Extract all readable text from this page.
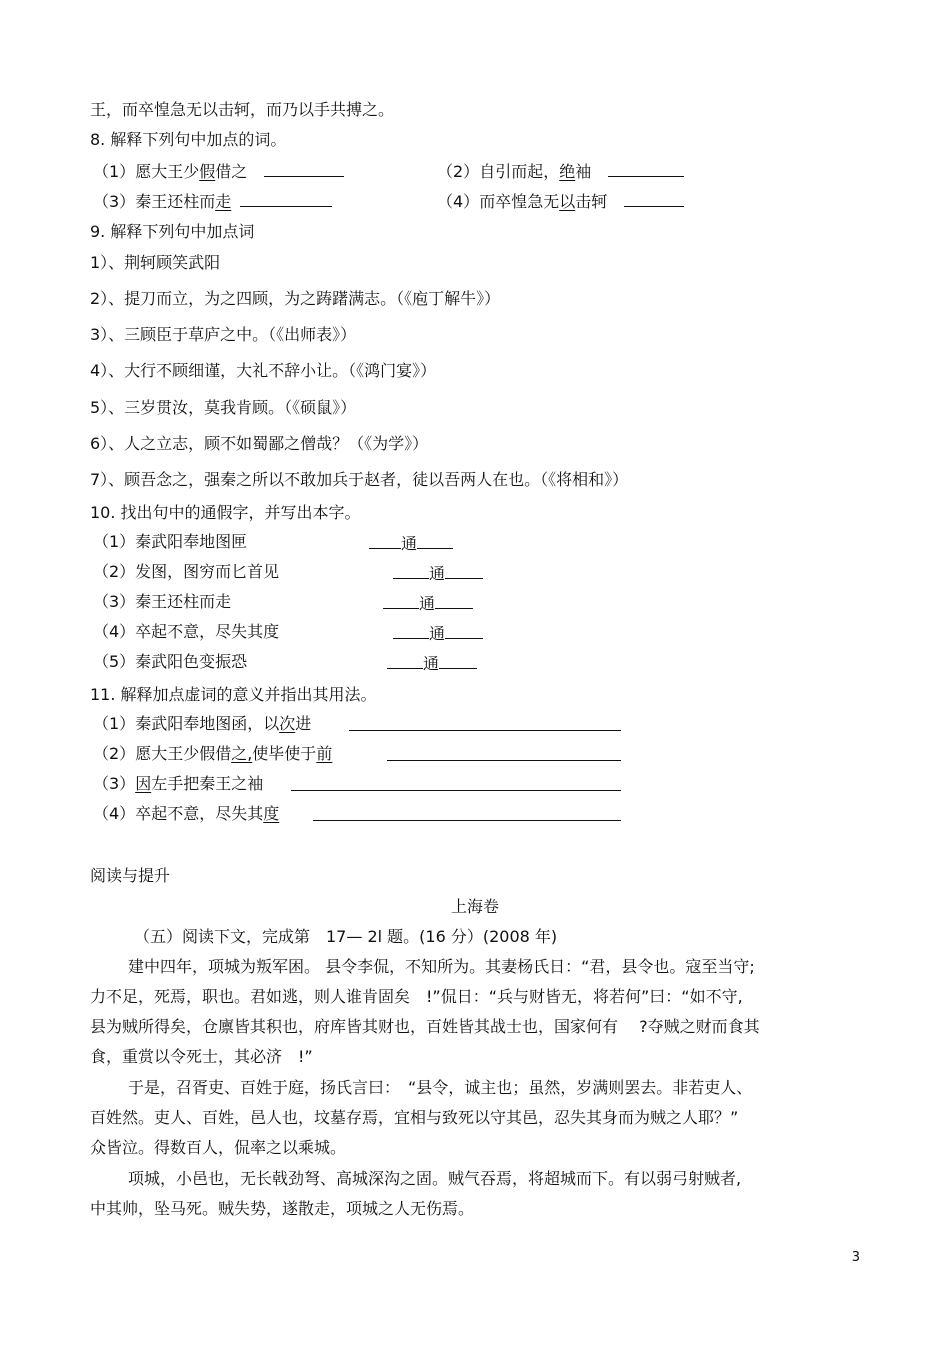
王，而卒惶急无以击轲，而乃以手共搏之。
8. 解释下列句中加点的词。
（1）愿大王少假借之	（2）自引而起，绝袖
（3）秦王还柱而走	（4）而卒惶急无以击轲
9. 解释下列句中加点词
1）、荆轲顾笑武阳
2）、提刀而立，为之四顾，为之踌躇满志。（《庖丁解牛》）
3）、三顾臣于草庐之中。（《出师表》）
4）、大行不顾细谨，大礼不辞小让。（《鸿门宴》）
5）、三岁贯汝，莫我肯顾。（《硕鼠》）
6）、人之立志，顾不如蜀鄙之僧哉？（《为学》）
7）、顾吾念之，强秦之所以不敢加兵于赵者，徒以吾两人在也。（《将相和》）
10. 找出句中的通假字，并写出本字。
（1）秦武阳奉地图匣	通
（2）发图，图穷而匕首见	通
（3）秦王还柱而走	通
（4）卒起不意，尽失其度	通
（5）秦武阳色变振恐	通
11. 解释加点虚词的意义并指出其用法。
（1）秦武阳奉地图函，以次进
（2）愿大王少假借之,使毕使于前
（3）因左手把秦王之袖
（4）卒起不意，尽失其度
阅读与提升
上海卷
（五）阅读下文，完成第　17— 2l 题。(16 分）(2008 年)
建中四年，项城为叛军困。 县令李侃，不知所为。其妻杨氏日：“君，县令也。寇至当守;
力不足，死焉，职也。君如逃，则人谁肯固矣　!”侃日：“兵与财皆无，将若何”曰：“如不守,
县为贼所得矣，仓廪皆其积也，府库皆其财也，百姓皆其战士也，国家何有　 ?夺贼之财而食其
食，重赏以令死士，其必济　!”
于是，召胥吏、百姓于庭，扬氏言曰：　“县令，诚主也；虽然，岁满则罢去。非若吏人、
百姓然。吏人、百姓，邑人也，坟墓存焉，宜相与致死以守其邑，忍失其身而为贼之人耶？”
众皆泣。得数百人，侃率之以乘城。
项城，小邑也，无长戟劲弩、高城深沟之固。贼气吞焉，将超城而下。有以弱弓射贼者,
中其帅，坠马死。贼失势，遂散走，项城之人无伤焉。
3
